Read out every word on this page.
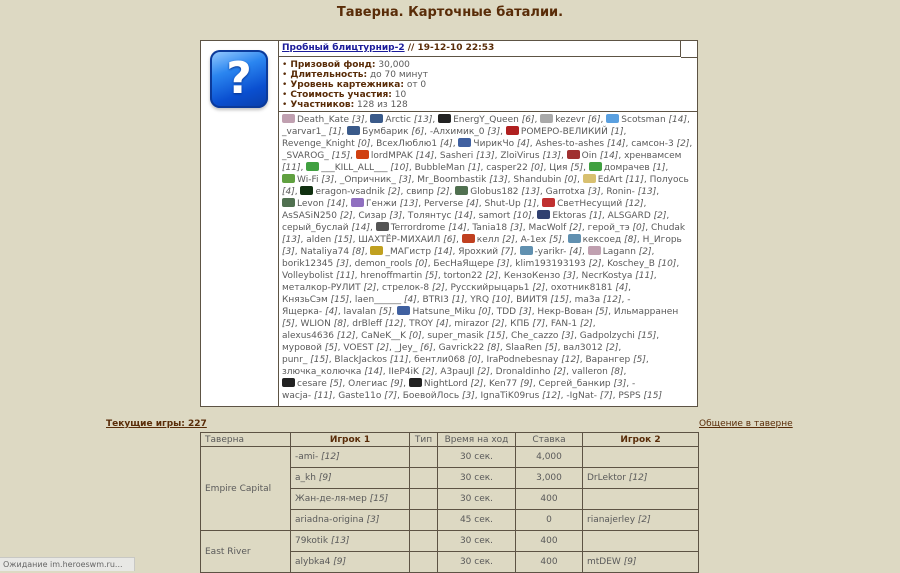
Таверна. Карточные баталии.
?
Пробный блицтурнир-2 // 19-12-10 22:53
• Призовой фонд: 30,000
• Длительность: до 70 минут
• Уровень картежника: от 0
• Стоимость участия: 10
• Участников: 128 из 128
Death_Kate [3], Arctic [13], EnergY_Queen [6], kezevr [6], Scotsman [14],
_varvar1_ [1], Бумбарик [6], -Алхимик_0 [3], РОМЕРО-ВЕЛИКИЙ [1],
Revenge_Knight [0], ВсехЛюблю1 [4], ЧирикЧо [4], Ashes-to-ashes [14], самсон-3 [2],
_SVAROG_ [15], lordMPAK [14], Sasheri [13], ZloiVirus [13], Oin [14], хренвамсем
[11], ___KILL_ALL___ [10], BubbleMan [1], casper22 [0], Ция [5], домрачев [1],
Wi-Fi [3], _Опричник_ [3], Mr_Boombastik [13], Shandubin [0], EdArt [11], Полуось
[4], eragon-vsadnik [2], свипр [2], Globus182 [13], Garrotxa [3], Ronin- [13],
Levon [14], Генжи [13], Perverse [4], Shut-Up [1], СветНесущий [12],
AsSASiN250 [2], Сизар [3], Толянтус [14], samort [10], Ektoras [1], ALSGARD [2],
серый_буслай [14], Terrordrome [14], Tania18 [3], MacWolf [2], герой_тэ [0], Chudak
[13], alden [15], ШАХТЁР-МИХАИЛ [6], келл [2], A-1ex [5], кексоед [8], Н_Игорь
[3], Nataliya74 [8], _МАГистр [14], Ярохкий [7], -yarikr- [4], Lagann [2],
borik12345 [3], demon_rools [0], БесНаЯщере [3], klim193193193 [2], Koschey_B [10],
Volleybolist [11], hrenoffmartin [5], torton22 [2], КензоКензо [3], NecrKostya [11],
металкор-РУЛИТ [2], стрелок-8 [2], Русскийрыцарь1 [2], охотник8181 [4],
КнязьСэм [15], laen______ [4], BTRI3 [1], YRQ [10], ВИИТЯ [15], ma3a [12], -
Ящерка- [4], lavalan [5], Hatsune_Miku [0], TDD [3], Некр-Вован [5], Ильмарранен
[5], WLION [8], drBleff [12], TROY [4], mirazor [2], КПБ [7], FAN-1 [2],
alexus4636 [12], CaNeK__K [0], super_masik [15], Che_cazzo [3], Gadpolzychi [15],
муровой [5], VOEST [2], _Jey_ [6], Gavrick22 [8], SlaaRen [5], вал3012 [2],
punr_ [15], BlackJackos [11], бентли068 [0], IraPodnebesnay [12], Варангер [5],
злючка_колючка [14], IIeP4iK [2], A3pauJl [2], Dronaldinho [2], valleron [8],
cesare [5], Олегиас [9], NightLord [2], Ken77 [9], Сергей_банкир [3], -
wacja- [11], Gaste11o [7], БоевойЛось [3], IgnaTiK09rus [12], -IgNat- [7], PSPS [15]
Текущие игры: 227	Общение в таверне
Таверна	Игрок 1	Тип	Время на ход	Ставка	Игрок 2
Empire Capital	-ami- [12]		30 сек.	4,000	
	a_kh [9]		30 сек.	3,000	DrLektor [12]
	Жан-де-ля-мер [15]		30 сек.	400	
	ariadna-origina [3]		45 сек.	0	rianajerley [2]
East River	79kotik [13]		30 сек.	400	
	alybka4 [9]		30 сек.	400	mtDEW [9]
Ожидание im.heroeswm.ru...
